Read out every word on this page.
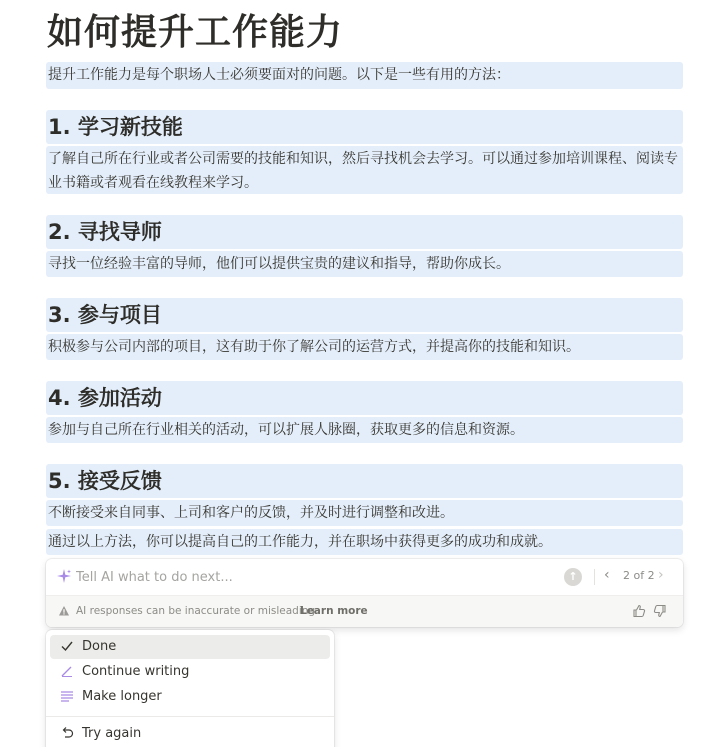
如何提升工作能力
提升工作能力是每个职场人士必须要面对的问题。以下是一些有用的方法：
1. 学习新技能
了解自己所在行业或者公司需要的技能和知识，然后寻找机会去学习。可以通过参加培训课程、阅读专业书籍或者观看在线教程来学习。
2. 寻找导师
寻找一位经验丰富的导师，他们可以提供宝贵的建议和指导，帮助你成长。
3. 参与项目
积极参与公司内部的项目，这有助于你了解公司的运营方式，并提高你的技能和知识。
4. 参加活动
参加与自己所在行业相关的活动，可以扩展人脉圈，获取更多的信息和资源。
5. 接受反馈
不断接受来自同事、上司和客户的反馈，并及时进行调整和改进。
通过以上方法，你可以提高自己的工作能力，并在职场中获得更多的成功和成就。
Tell AI what to do next...
↑	‹ 2 of 2 ›
AI responses can be inaccurate or misleading.
Learn more
Done
Continue writing
Make longer
Try again
